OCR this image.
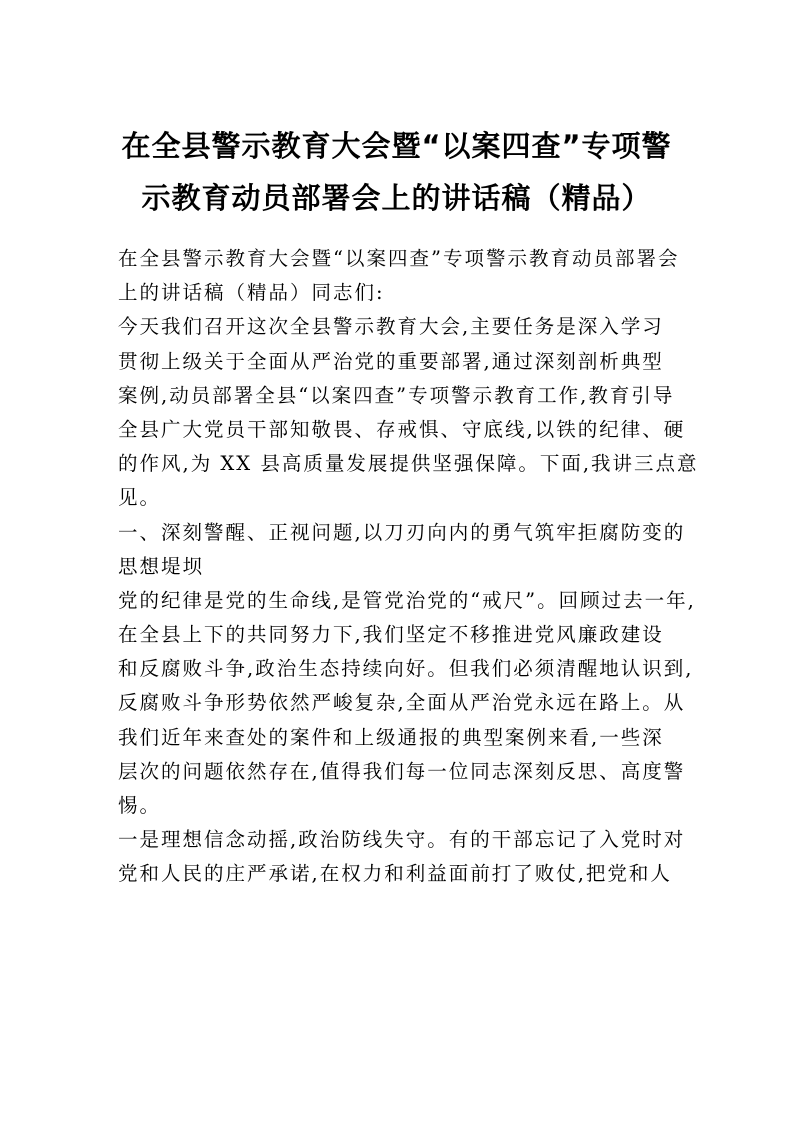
在全县警示教育大会暨“以案四查”专项警
示教育动员部署会上的讲话稿（精品）
在全县警示教育大会暨“以案四查”专项警示教育动员部署会
上的讲话稿（精品）同志们:
今天我们召开这次全县警示教育大会,主要任务是深入学习
贯彻上级关于全面从严治党的重要部署,通过深刻剖析典型
案例,动员部署全县“以案四查”专项警示教育工作,教育引导
全县广大党员干部知敬畏、存戒惧、守底线,以铁的纪律、硬
的作风,为 XX 县高质量发展提供坚强保障。下面,我讲三点意
见。
一、深刻警醒、正视问题,以刀刃向内的勇气筑牢拒腐防变的
思想堤坝
党的纪律是党的生命线,是管党治党的“戒尺”。回顾过去一年,
在全县上下的共同努力下,我们坚定不移推进党风廉政建设
和反腐败斗争,政治生态持续向好。但我们必须清醒地认识到,
反腐败斗争形势依然严峻复杂,全面从严治党永远在路上。从
我们近年来查处的案件和上级通报的典型案例来看,一些深
层次的问题依然存在,值得我们每一位同志深刻反思、高度警
惕。
一是理想信念动摇,政治防线失守。有的干部忘记了入党时对
党和人民的庄严承诺,在权力和利益面前打了败仗,把党和人
